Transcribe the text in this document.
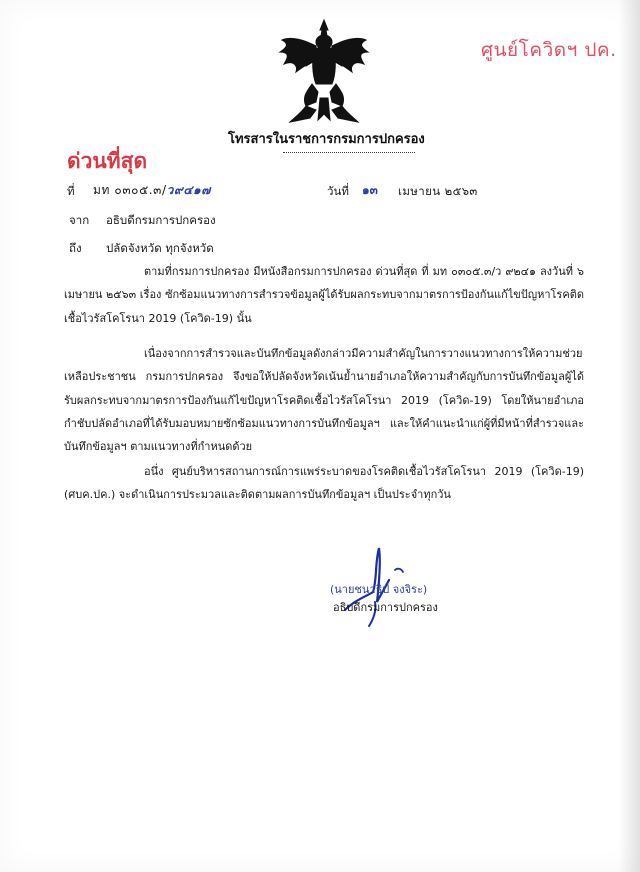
ศูนย์โควิดฯ ปค.
โทรสารในราชการกรมการปกครอง
ด่วนที่สุด
ที่ มท ๐๓๐๕.๓/ว๙๔๑๗	วันที่ ๑๓ เมษายน ๒๕๖๓
จาก อธิบดีกรมการปกครอง
ถึง ปลัดจังหวัด ทุกจังหวัด

ตามที่กรมการปกครอง มีหนังสือกรมการปกครอง ด่วนที่สุด ที่ มท ๐๓๐๕.๓/ว ๙๒๔๑ ลงวันที่ ๖ เมษายน ๒๕๖๓ เรื่อง ซักซ้อมแนวทางการสำรวจข้อมูลผู้ได้รับผลกระทบจากมาตรการป้องกันแก้ไขปัญหาโรคติดเชื้อไวรัสโคโรนา 2019 (โควิด-19) นั้น

เนื่องจากการสำรวจและบันทึกข้อมูลดังกล่าวมีความสำคัญในการวางแนวทางการให้ความช่วยเหลือประชาชน กรมการปกครอง จึงขอให้ปลัดจังหวัดเน้นย้ำนายอำเภอให้ความสำคัญกับการบันทึกข้อมูลผู้ได้รับผลกระทบจากมาตรการป้องกันแก้ไขปัญหาโรคติดเชื้อไวรัสโคโรนา 2019 (โควิด-19) โดยให้นายอำเภอกำชับปลัดอำเภอที่ได้รับมอบหมายซักซ้อมแนวทางการบันทึกข้อมูลฯ และให้คำแนะนำแก่ผู้ที่มีหน้าที่สำรวจและบันทึกข้อมูลฯ ตามแนวทางที่กำหนดด้วย

อนึ่ง ศูนย์บริหารสถานการณ์การแพร่ระบาดของโรคติดเชื้อไวรัสโคโรนา 2019 (โควิด-19) (ศบค.ปค.) จะดำเนินการประมวลและติดตามผลการบันทึกข้อมูลฯ เป็นประจำทุกวัน

(นายชนาธิป จงจิระ)
อธิบดีกรมการปกครอง
